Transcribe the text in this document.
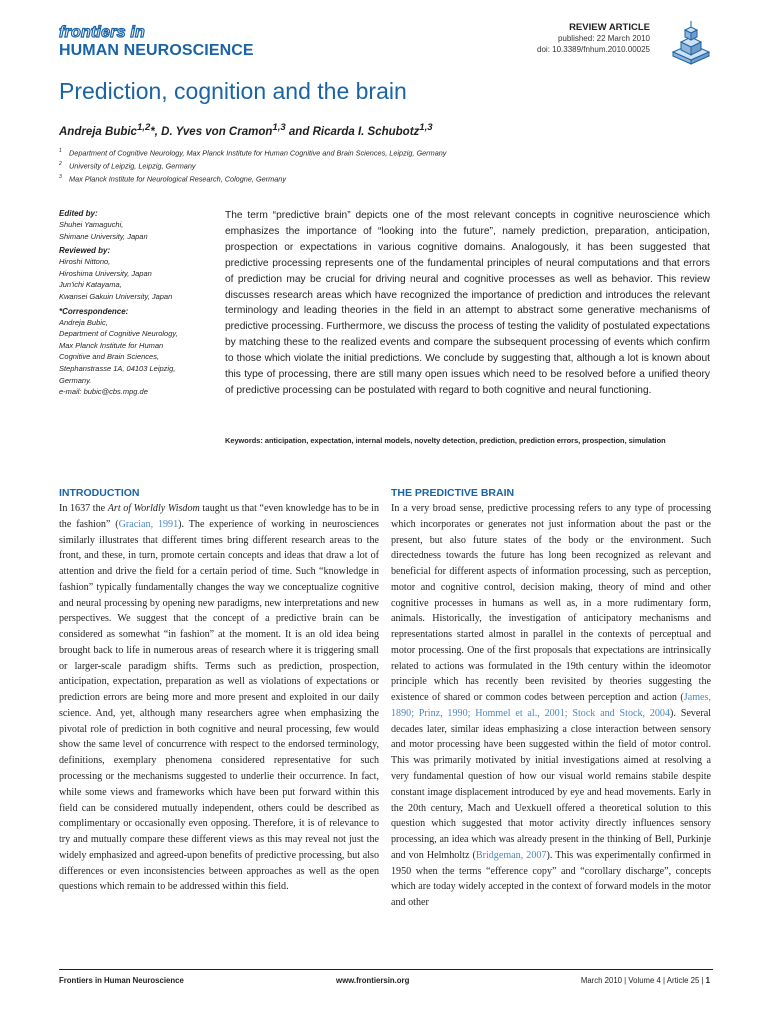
frontiers in
HUMAN NEUROSCIENCE
REVIEW ARTICLE
published: 22 March 2010
doi: 10.3389/fnhum.2010.00025
Prediction, cognition and the brain
Andreja Bubic$^{1,2}$*, D. Yves von Cramon$^{1,3}$ and Ricarda I. Schubotz$^{1,3}$
$^1$ Department of Cognitive Neurology, Max Planck Institute for Human Cognitive and Brain Sciences, Leipzig, Germany
$^2$ University of Leipzig, Leipzig, Germany
$^3$ Max Planck Institute for Neurological Research, Cologne, Germany
Edited by:
Shuhei Yamaguchi,
Shimane University, Japan
Reviewed by:
Hiroshi Nittono,
Hiroshima University, Japan
Jun'ichi Katayama,
Kwansei Gakuin University, Japan
*Correspondence:
Andreja Bubic,
Department of Cognitive Neurology,
Max Planck Institute for Human
Cognitive and Brain Sciences,
Stephanstrasse 1A, 04103 Leipzig,
Germany.
e-mail: bubic@cbs.mpg.de

The term “predictive brain” depicts one of the most relevant concepts in cognitive neuroscience which emphasizes the importance of “looking into the future”, namely prediction, preparation, anticipation, prospection or expectations in various cognitive domains. Analogously, it has been suggested that predictive processing represents one of the fundamental principles of neural computations and that errors of prediction may be crucial for driving neural and cognitive processes as well as behavior. This review discusses research areas which have recognized the importance of prediction and introduces the relevant terminology and leading theories in the field in an attempt to abstract some generative mechanisms of predictive processing. Furthermore, we discuss the process of testing the validity of postulated expectations by matching these to the realized events and compare the subsequent processing of events which confirm to those which violate the initial predictions. We conclude by suggesting that, although a lot is known about this type of processing, there are still many open issues which need to be resolved before a unified theory of predictive processing can be postulated with regard to both cognitive and neural functioning.

Keywords: anticipation, expectation, internal models, novelty detection, prediction, prediction errors, prospection, simulation
INTRODUCTION

In 1637 the Art of Worldly Wisdom taught us that “even knowledge has to be in the fashion” (Gracian, 1991). The experience of working in neurosciences similarly illustrates that different times bring different research areas to the front, and these, in turn, promote certain concepts and ideas that draw a lot of attention and drive the field for a certain period of time. Such “knowledge in fashion” typically fundamentally changes the way we conceptualize cognitive and neural processing by opening new paradigms, new interpretations and new perspectives. We suggest that the concept of a predictive brain can be considered as somewhat “in fashion” at the moment. It is an old idea being brought back to life in numerous areas of research where it is triggering small or larger-scale paradigm shifts. Terms such as prediction, prospection, anticipation, expectation, preparation as well as violations of expectations or prediction errors are being more and more present and exploited in our daily science. And, yet, although many researchers agree when emphasizing the pivotal role of prediction in both cognitive and neural processing, few would show the same level of concurrence with respect to the endorsed terminology, definitions, exemplary phenomena considered representative for such processing or the mechanisms suggested to underlie their occurrence. In fact, while some views and frameworks which have been put forward within this field can be considered mutually independent, others could be described as complimentary or occasionally even opposing. Therefore, it is of relevance to try and mutually compare these different views as this may reveal not just the widely emphasized and agreed-upon benefits of predictive processing, but also differences or even inconsistencies between approaches as well as the open questions which remain to be addressed within this field.

THE PREDICTIVE BRAIN

In a very broad sense, predictive processing refers to any type of processing which incorporates or generates not just information about the past or the present, but also future states of the body or the environment. Such directedness towards the future has long been recognized as relevant and beneficial for different aspects of information processing, such as perception, motor and cognitive control, decision making, theory of mind and other cognitive processes in humans as well as, in a more rudimentary form, animals. Historically, the investigation of anticipatory mechanisms and representations started almost in parallel in the contexts of perceptual and motor processing. One of the first proposals that expectations are intrinsically related to actions was formulated in the 19th century within the ideomotor principle which has recently been revisited by theories suggesting the existence of shared or common codes between perception and action (James, 1890; Prinz, 1990; Hommel et al., 2001; Stock and Stock, 2004). Several decades later, similar ideas emphasizing a close interaction between sensory and motor processing have been suggested within the field of motor control. This was primarily motivated by initial investigations aimed at resolving a very fundamental question of how our visual world remains stabile despite constant image displacement introduced by eye and head movements. Early in the 20th century, Mach and Uexkuell offered a theoretical solution to this question which suggested that motor activity directly influences sensory processing, an idea which was already present in the thinking of Bell, Purkinje and von Helmholtz (Bridgeman, 2007). This was experimentally confirmed in 1950 when the terms “efference copy” and “corollary discharge”, concepts which are today widely accepted in the context of forward models in the motor and other

Frontiers in Human Neuroscience	www.frontiersin.org	March 2010 | Volume 4 | Article 25 | 1
